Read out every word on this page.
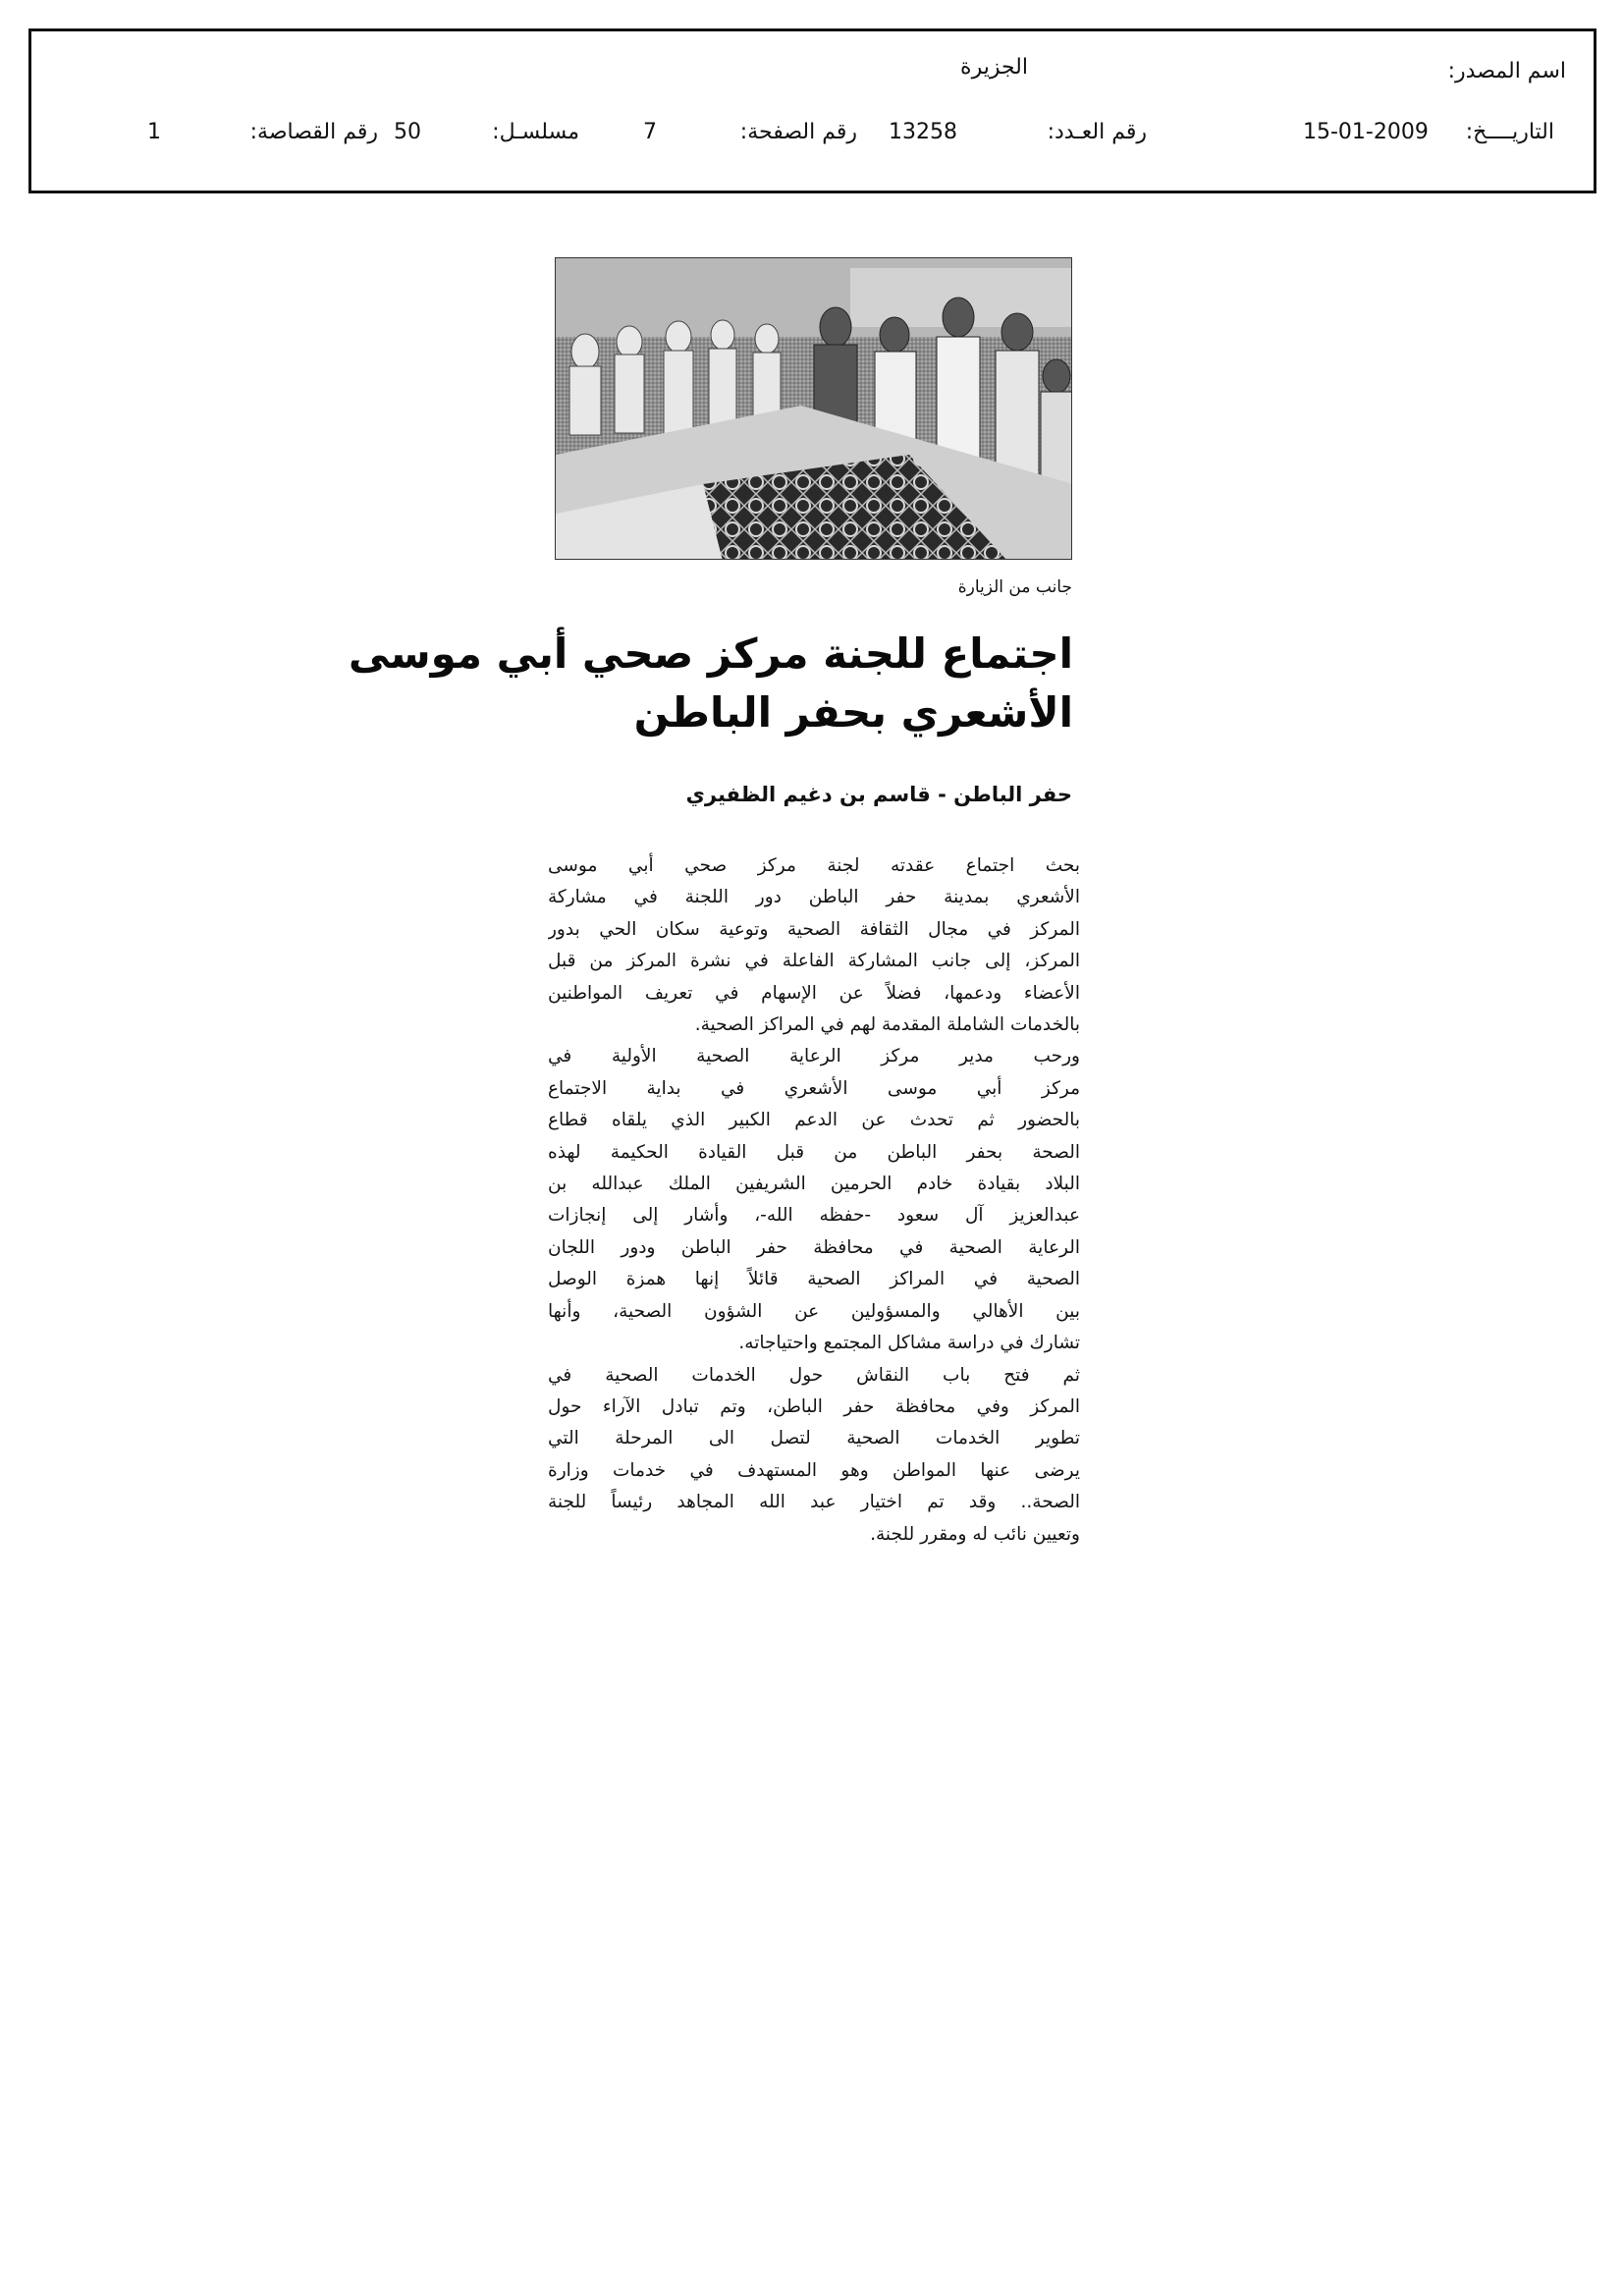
اسم المصدر:
الجزيرة
التاريــــخ:
15-01-2009
رقم العـدد:
13258
رقم الصفحة:
7
مسلسـل:
50
رقم القصاصة:
1
جانب من الزيارة
اجتماع للجنة مركز صحي أبي موسى
الأشعري بحفر الباطن
حفر الباطن - قاسم بن دغيم الظفيري
بحث اجتماع عقدته لجنة مركز صحي أبي موسى
الأشعري بمدينة حفر الباطن دور اللجنة في مشاركة
المركز في مجال الثقافة الصحية وتوعية سكان الحي بدور
المركز، إلى جانب المشاركة الفاعلة في نشرة المركز من قبل
الأعضاء ودعمها، فضلاً عن الإسهام في تعريف المواطنين
بالخدمات الشاملة المقدمة لهم في المراكز الصحية.
ورحب مدير مركز الرعاية الصحية الأولية في
مركز أبي موسى الأشعري في بداية الاجتماع
بالحضور ثم تحدث عن الدعم الكبير الذي يلقاه قطاع
الصحة بحفر الباطن من قبل القيادة الحكيمة لهذه
البلاد بقيادة خادم الحرمين الشريفين الملك عبدالله بن
عبدالعزيز آل سعود -حفظه الله-، وأشار إلى إنجازات
الرعاية الصحية في محافظة حفر الباطن ودور اللجان
الصحية في المراكز الصحية قائلاً إنها همزة الوصل
بين الأهالي والمسؤولين عن الشؤون الصحية، وأنها
تشارك في دراسة مشاكل المجتمع واحتياجاته.
ثم فتح باب النقاش حول الخدمات الصحية في
المركز وفي محافظة حفر الباطن، وتم تبادل الآراء حول
تطوير الخدمات الصحية لتصل الى المرحلة التي
يرضى عنها المواطن وهو المستهدف في خدمات وزارة
الصحة.. وقد تم اختيار عبد الله المجاهد رئيساً للجنة
وتعيين نائب له ومقرر للجنة.
